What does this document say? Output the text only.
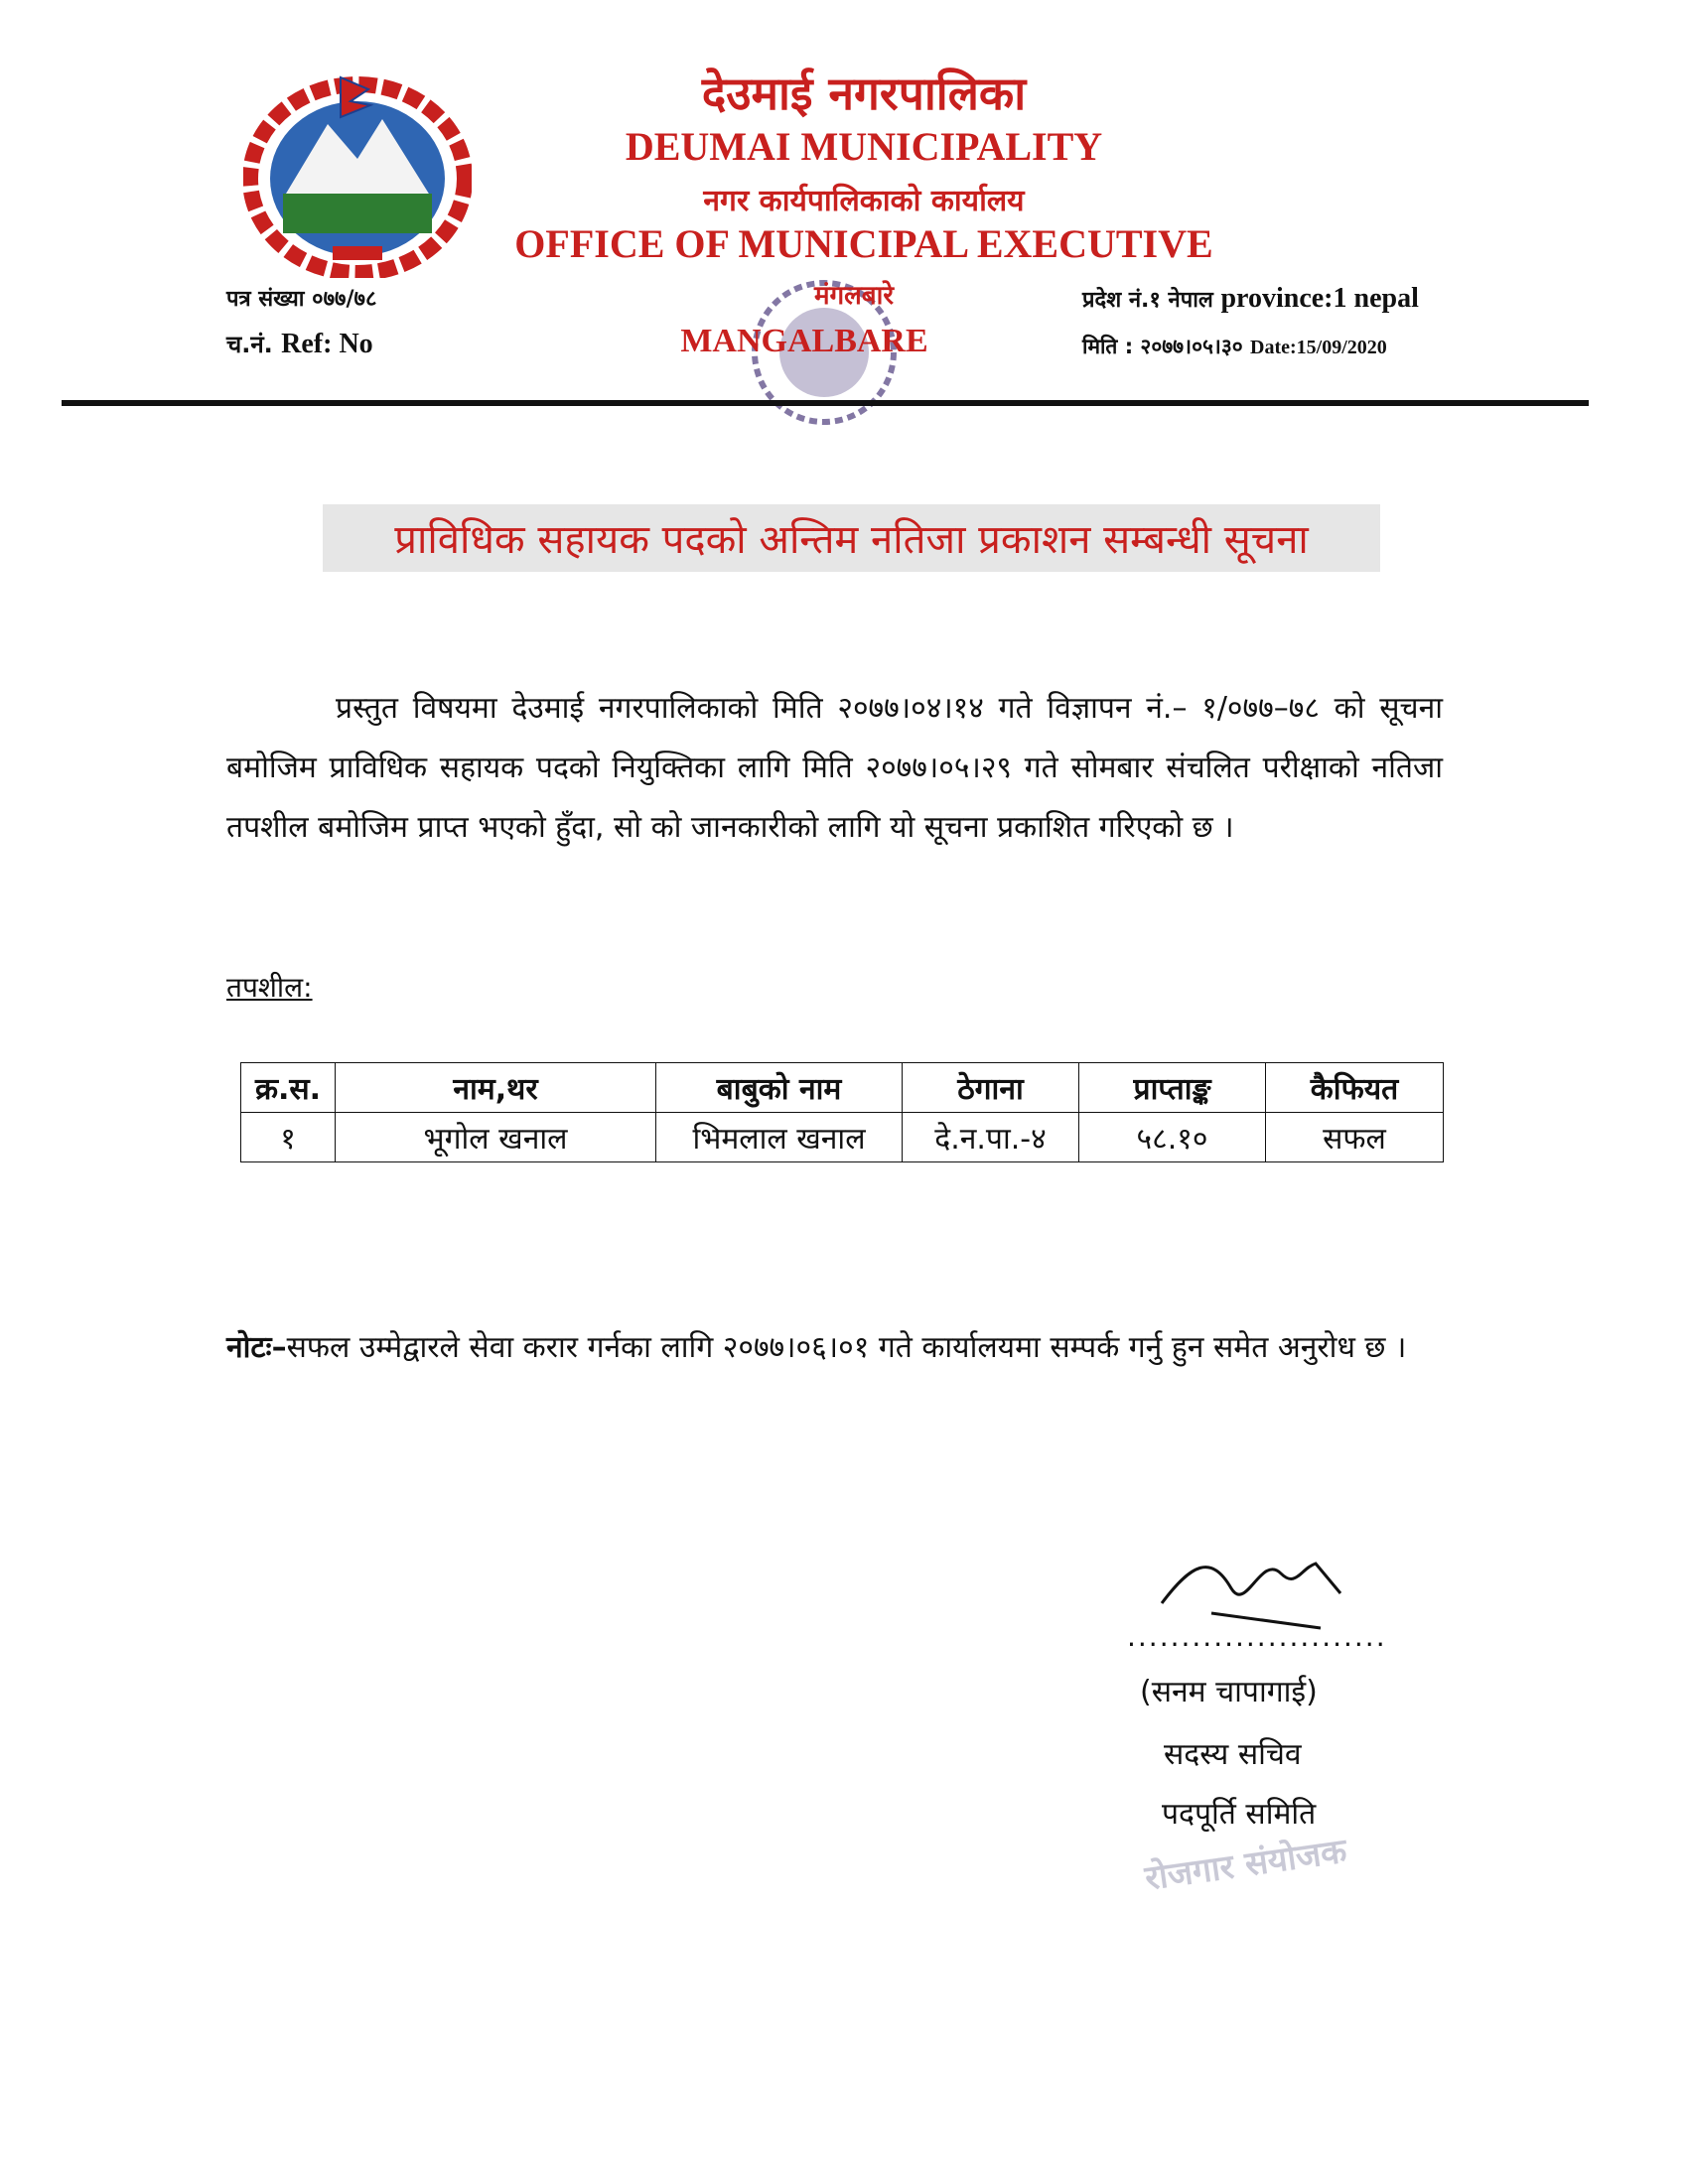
देउमाई नगरपालिका
DEUMAI MUNICIPALITY
नगर कार्यपालिकाको कार्यालय
OFFICE OF MUNICIPAL EXECUTIVE
पत्र संख्या ०७७/७८
च.नं. Ref: No
मंगलबारे
MANGALBARE
प्रदेश नं.१ नेपाल province:1 nepal
मिति : २०७७।०५।३० Date:15/09/2020
प्राविधिक सहायक पदको अन्तिम नतिजा प्रकाशन सम्बन्धी सूचना
प्रस्तुत विषयमा देउमाई नगरपालिकाको मिति २०७७।०४।१४ गते विज्ञापन नं.– १/०७७–७८ को सूचना बमोजिम प्राविधिक सहायक पदको नियुक्तिका लागि मिति २०७७।०५।२९ गते सोमबार संचलित परीक्षाको नतिजा तपशील बमोजिम प्राप्त भएको हुँदा, सो को जानकारीको लागि यो सूचना प्रकाशित गरिएको छ ।
तपशील:
क्र.स.	नाम,थर	बाबुको नाम	ठेगाना	प्राप्ताङ्क	कैफियत
१	भूगोल खनाल	भिमलाल खनाल	दे.न.पा.-४	५८.१०	सफल
नोटः–सफल उम्मेद्वारले सेवा करार गर्नका लागि २०७७।०६।०१ गते कार्यालयमा सम्पर्क गर्नु हुन समेत अनुरोध छ ।
........................
(सनम चापागाई)
सदस्य सचिव
पदपूर्ति समिति
रोजगार संयोजक
